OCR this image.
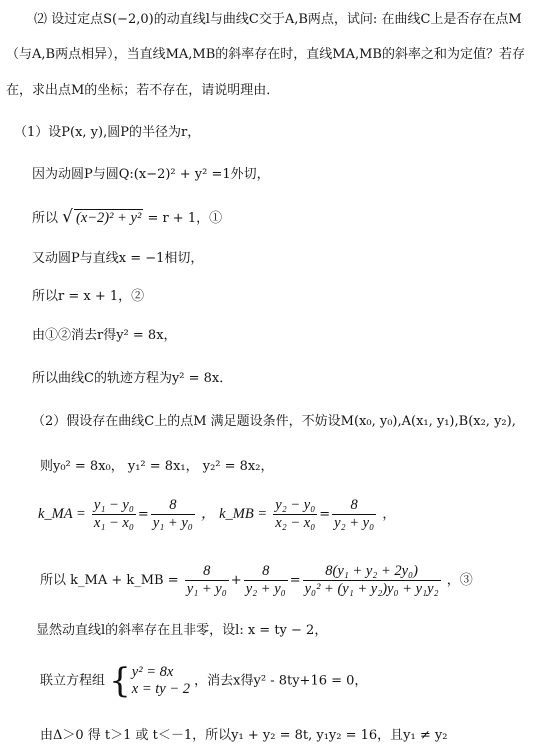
⑵ 设过定点S(−2,0)的动直线l与曲线C交于A,B两点，试问: 在曲线C上是否存在点M
（与A,B两点相异），当直线MA,MB的斜率存在时，直线MA,MB的斜率之和为定值？若存
在，求出点M的坐标；若不存在，请说明理由．
（1）设P(x, y),圆P的半径为r，
因为动圆P与圆Q:(x−2)² + y² =1外切，
所以 √ (x−2)² + y² = r + 1，①
又动圆P与直线x = −1相切，
所以r = x + 1，②
由①②消去r得y² = 8x，
所以曲线C的轨迹方程为y² = 8x．
（2）假设存在曲线C上的点M 满足题设条件，不妨设M(x₀, y₀),A(x₁, y₁),B(x₂, y₂),
则y₀² = 8x₀， y₁² = 8x₁， y₂² = 8x₂，
k_MA = $\frac{\text{y₁ − y₀}}{\text{x₁ − x₀}} = \frac{8}{\text{y₁ + y₀}}$ ， k_MB = $\frac{\text{y₂ − y₀}}{\text{x₂ − x₀}} = \frac{8}{\text{y₂ + y₀}}$ ，
所以 k_MA + k_MB = $\frac{8}{\text{y₁ + y₀}} + \frac{8}{\text{y₂ + y₀}} = \frac{\text{8(y₁ + y₂ + 2y₀)}}{\text{y₀² + (y₁ + y₂)y₀ + y₁y₂}}$ ，③
显然动直线l的斜率存在且非零，设l: x = ty − 2，
联立方程组 { y² = 8x
x = ty − 2 ，消去x得y² - 8ty+16 = 0，
由Δ＞0 得 t＞1 或 t＜－1，所以y₁ + y₂ = 8t, y₁y₂ = 16，且y₁ ≠ y₂
